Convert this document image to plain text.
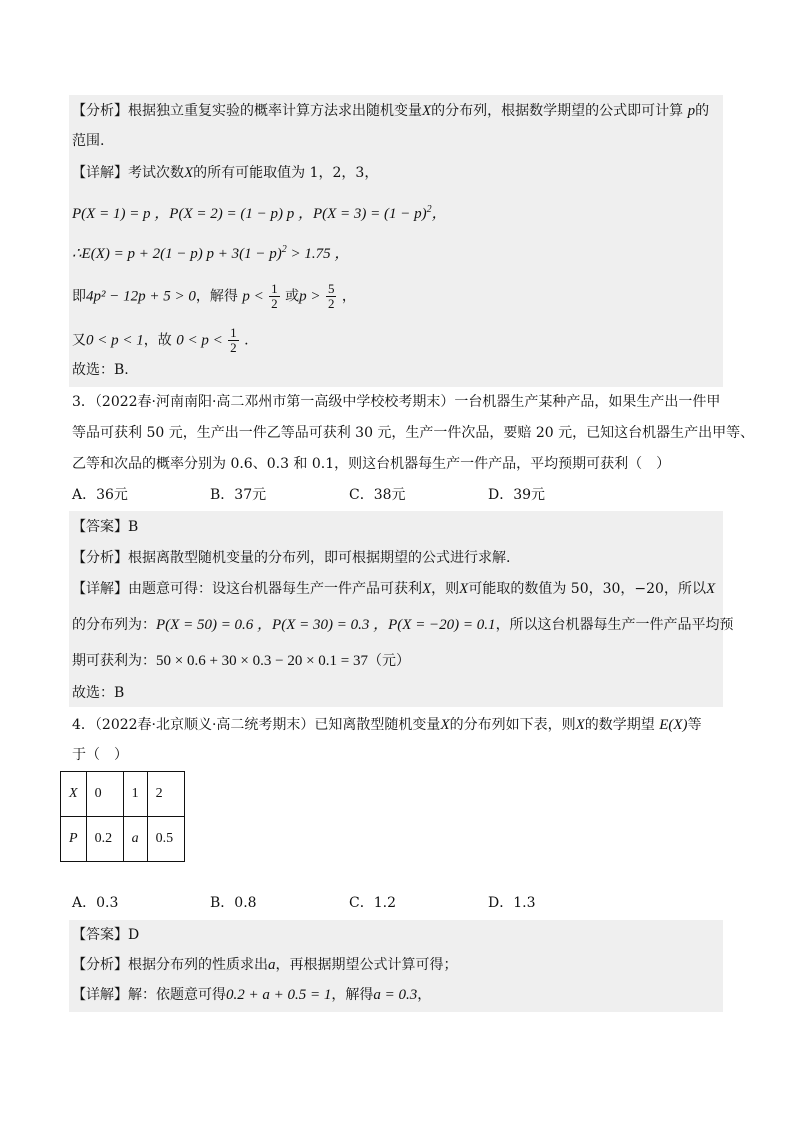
【分析】根据独立重复实验的概率计算方法求出随机变量X的分布列，根据数学期望的公式即可计算 p的
范围.
【详解】考试次数X的所有可能取值为 1，2，3，
P(X = 1) = p ，P(X = 2) = (1 − p) p ，$P(X = 3) = (1 - p)^2$，
∴E(X) = p + 2(1 − p) $p + 3(1 - p)^2 > 1.75$ ，
即4p² − 12p + 5 > 0，解得 $p < \frac{1}{2}$ 或$p > \frac{5}{2}$ ，
又0 < p < 1，故 $0 < p < \frac{1}{2}$ .
故选：B.
3．（2022春·河南南阳·高二邓州市第一高级中学校校考期末）一台机器生产某种产品，如果生产出一件甲
等品可获利 50 元，生产出一件乙等品可获利 30 元，生产一件次品，要赔 20 元，已知这台机器生产出甲等、
乙等和次品的概率分别为 0.6、0.3 和 0.1，则这台机器每生产一件产品，平均预期可获利（　）
A．36元	B．37元	C．38元	D．39元
【答案】B
【分析】根据离散型随机变量的分布列，即可根据期望的公式进行求解.
【详解】由题意可得：设这台机器每生产一件产品可获利X，则X可能取的数值为 50，30，−20，所以X
的分布列为：P(X = 50) = 0.6 ，P(X = 30) = 0.3 ，P(X = −20) = 0.1，所以这台机器每生产一件产品平均预
期可获利为：50 × 0.6 + 30 × 0.3 − 20 × 0.1 = 37（元）
故选：B
4．（2022春·北京顺义·高二统考期末）已知离散型随机变量X的分布列如下表，则X的数学期望 E(X)等
于（　）
X	0	1	2
P	0.2	a	0.5
A．0.3	B．0.8	C．1.2	D．1.3
【答案】D
【分析】根据分布列的性质求出a，再根据期望公式计算可得；
【详解】解：依题意可得0.2 + a + 0.5 = 1，解得a = 0.3，
